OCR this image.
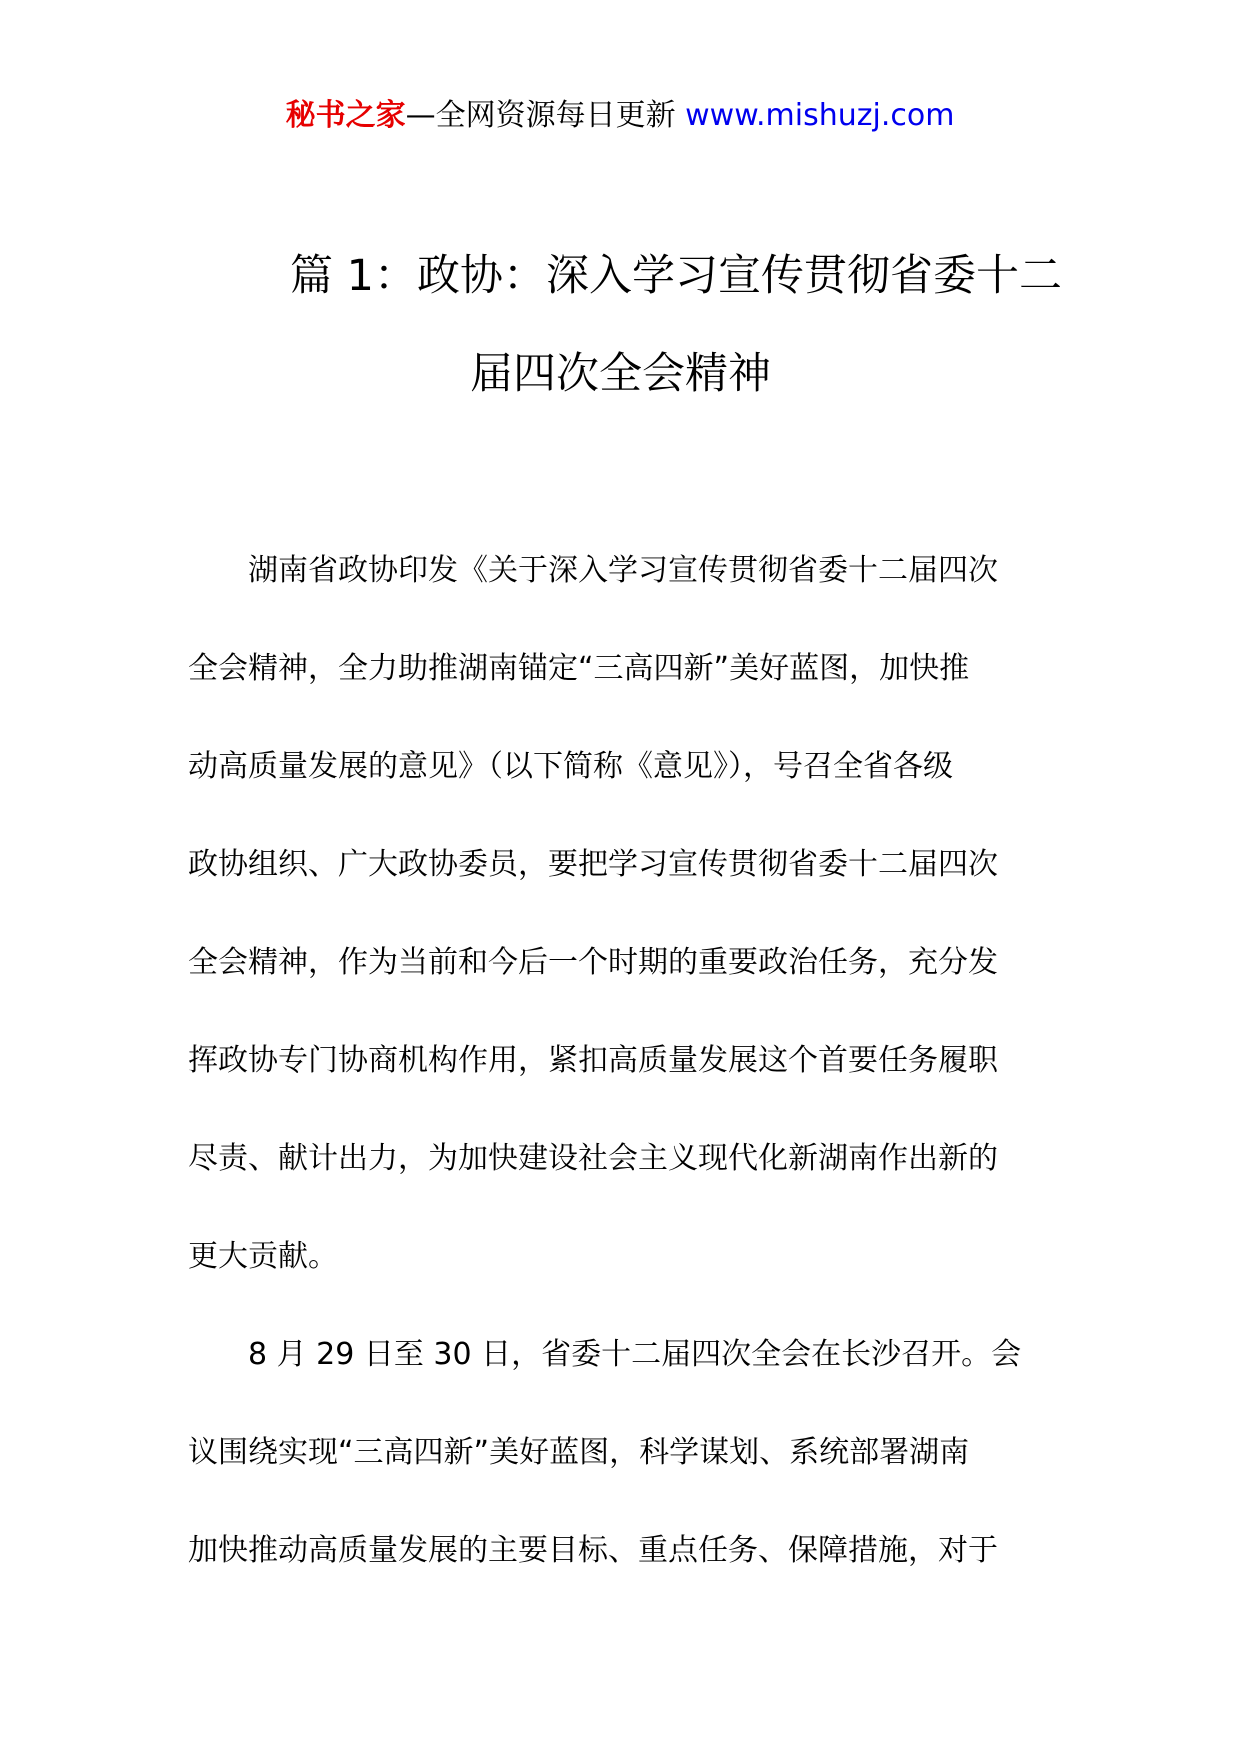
秘书之家—全网资源每日更新 www.mishuzj.com
篇 1：政协：深入学习宣传贯彻省委十二
届四次全会精神
湖南省政协印发《关于深入学习宣传贯彻省委十二届四次
全会精神，全力助推湖南锚定“三高四新”美好蓝图，加快推
动高质量发展的意见》（以下简称《意见》），号召全省各级
政协组织、广大政协委员，要把学习宣传贯彻省委十二届四次
全会精神，作为当前和今后一个时期的重要政治任务，充分发
挥政协专门协商机构作用，紧扣高质量发展这个首要任务履职
尽责、献计出力，为加快建设社会主义现代化新湖南作出新的
更大贡献。
8 月 29 日至 30 日，省委十二届四次全会在长沙召开。会
议围绕实现“三高四新”美好蓝图，科学谋划、系统部署湖南
加快推动高质量发展的主要目标、重点任务、保障措施，对于
